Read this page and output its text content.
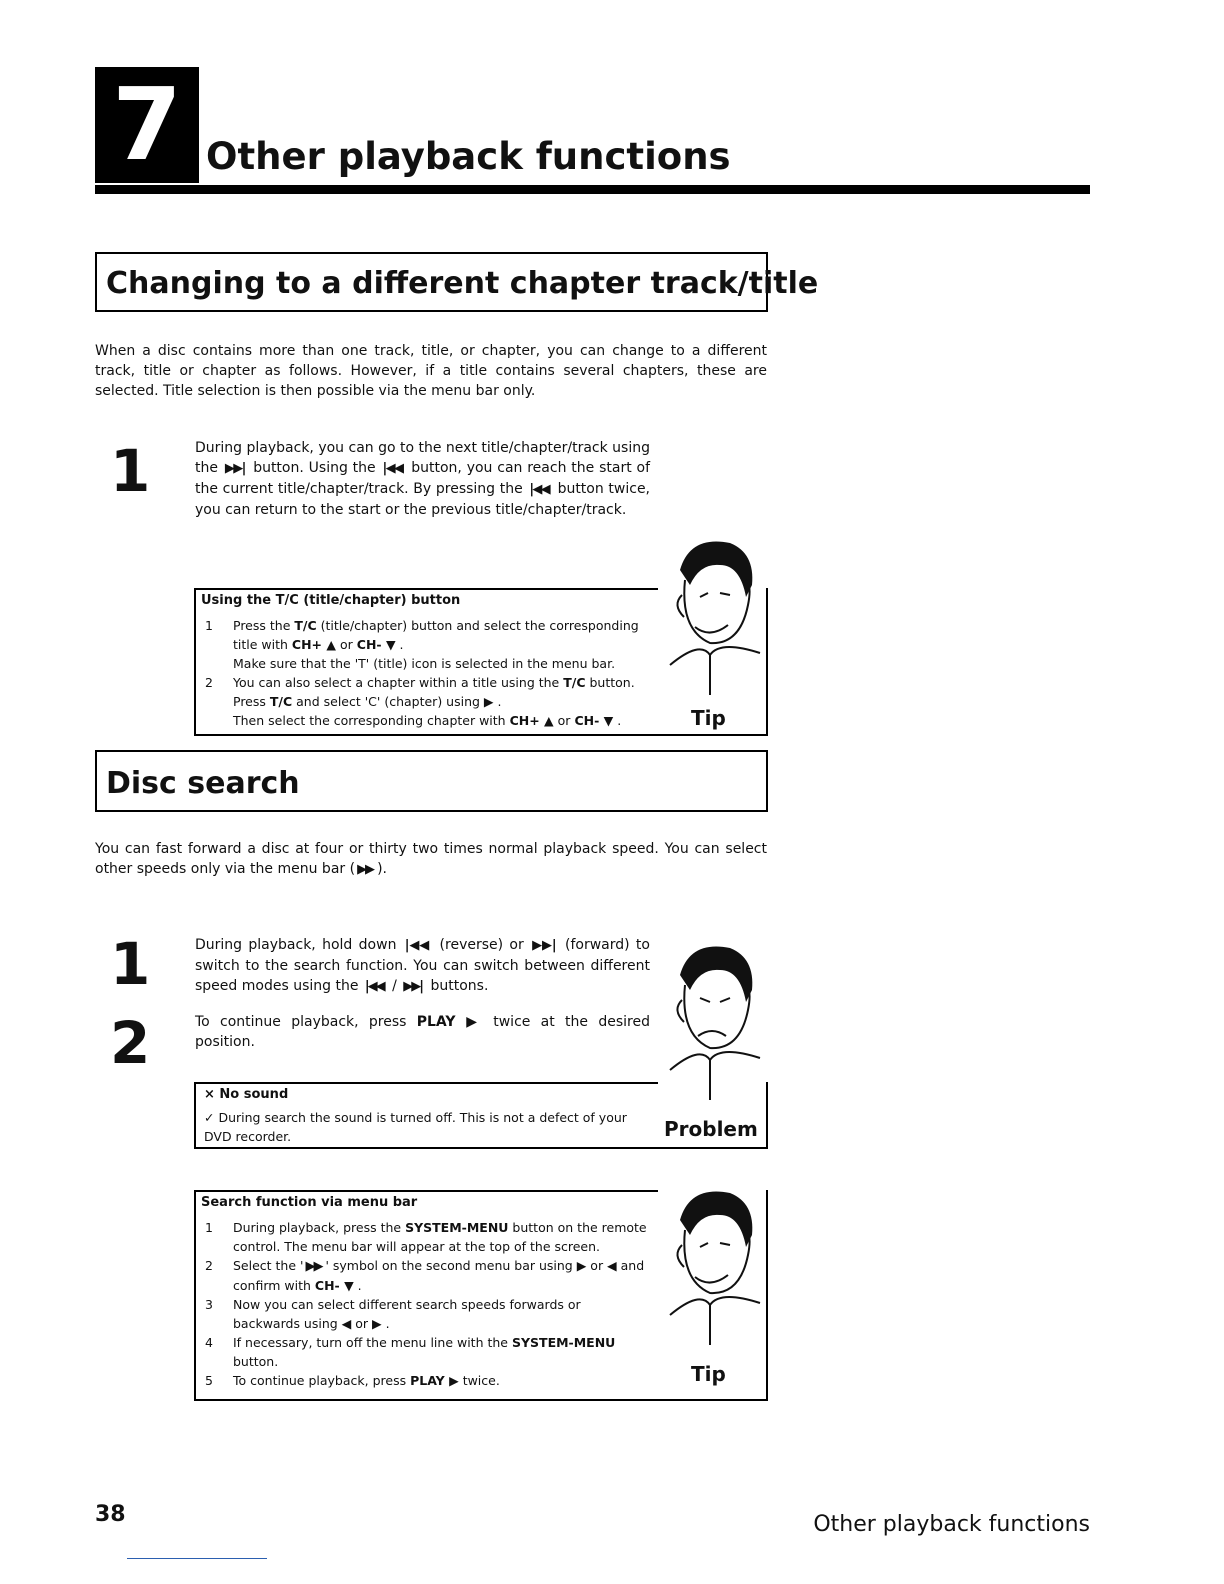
7 Other playback functions
Changing to a different chapter track/title
When a disc contains more than one track, title, or chapter, you can change to a different track, title or chapter as follows. However, if a title contains several chapters, these are selected. Title selection is then possible via the menu bar only.
1	During playback, you can go to the next title/chapter/track using the ▶▶| button. Using the |◀◀ button, you can reach the start of the current title/chapter/track. By pressing the |◀◀ button twice, you can return to the start or the previous title/chapter/track.
Using the T/C (title/chapter) button
1 Press the T/C (title/chapter) button and select the corresponding title with CH+ ▲ or CH- ▼ .
Make sure that the 'T' (title) icon is selected in the menu bar.
2 You can also select a chapter within a title using the T/C button. Press T/C and select 'C' (chapter) using ▶ .
Then select the corresponding chapter with CH+ ▲ or CH- ▼ .	Tip
Disc search
You can fast forward a disc at four or thirty two times normal playback speed. You can select other speeds only via the menu bar ( ▶▶ ).
1	During playback, hold down |◀◀ (reverse) or ▶▶| (forward) to switch to the search function. You can switch between different speed modes using the |◀◀ / ▶▶| buttons.
2	To continue playback, press PLAY ▶ twice at the desired position.
× No sound
✓ During search the sound is turned off. This is not a defect of your DVD recorder.	Problem
Search function via menu bar
1 During playback, press the SYSTEM-MENU button on the remote control. The menu bar will appear at the top of the screen.
2 Select the ' ▶▶ ' symbol on the second menu bar using ▶ or ◀ and confirm with CH- ▼ .
3 Now you can select different search speeds forwards or backwards using ◀ or ▶ .
4 If necessary, turn off the menu line with the SYSTEM-MENU button.
5 To continue playback, press PLAY ▶ twice.	Tip
38	Other playback functions
